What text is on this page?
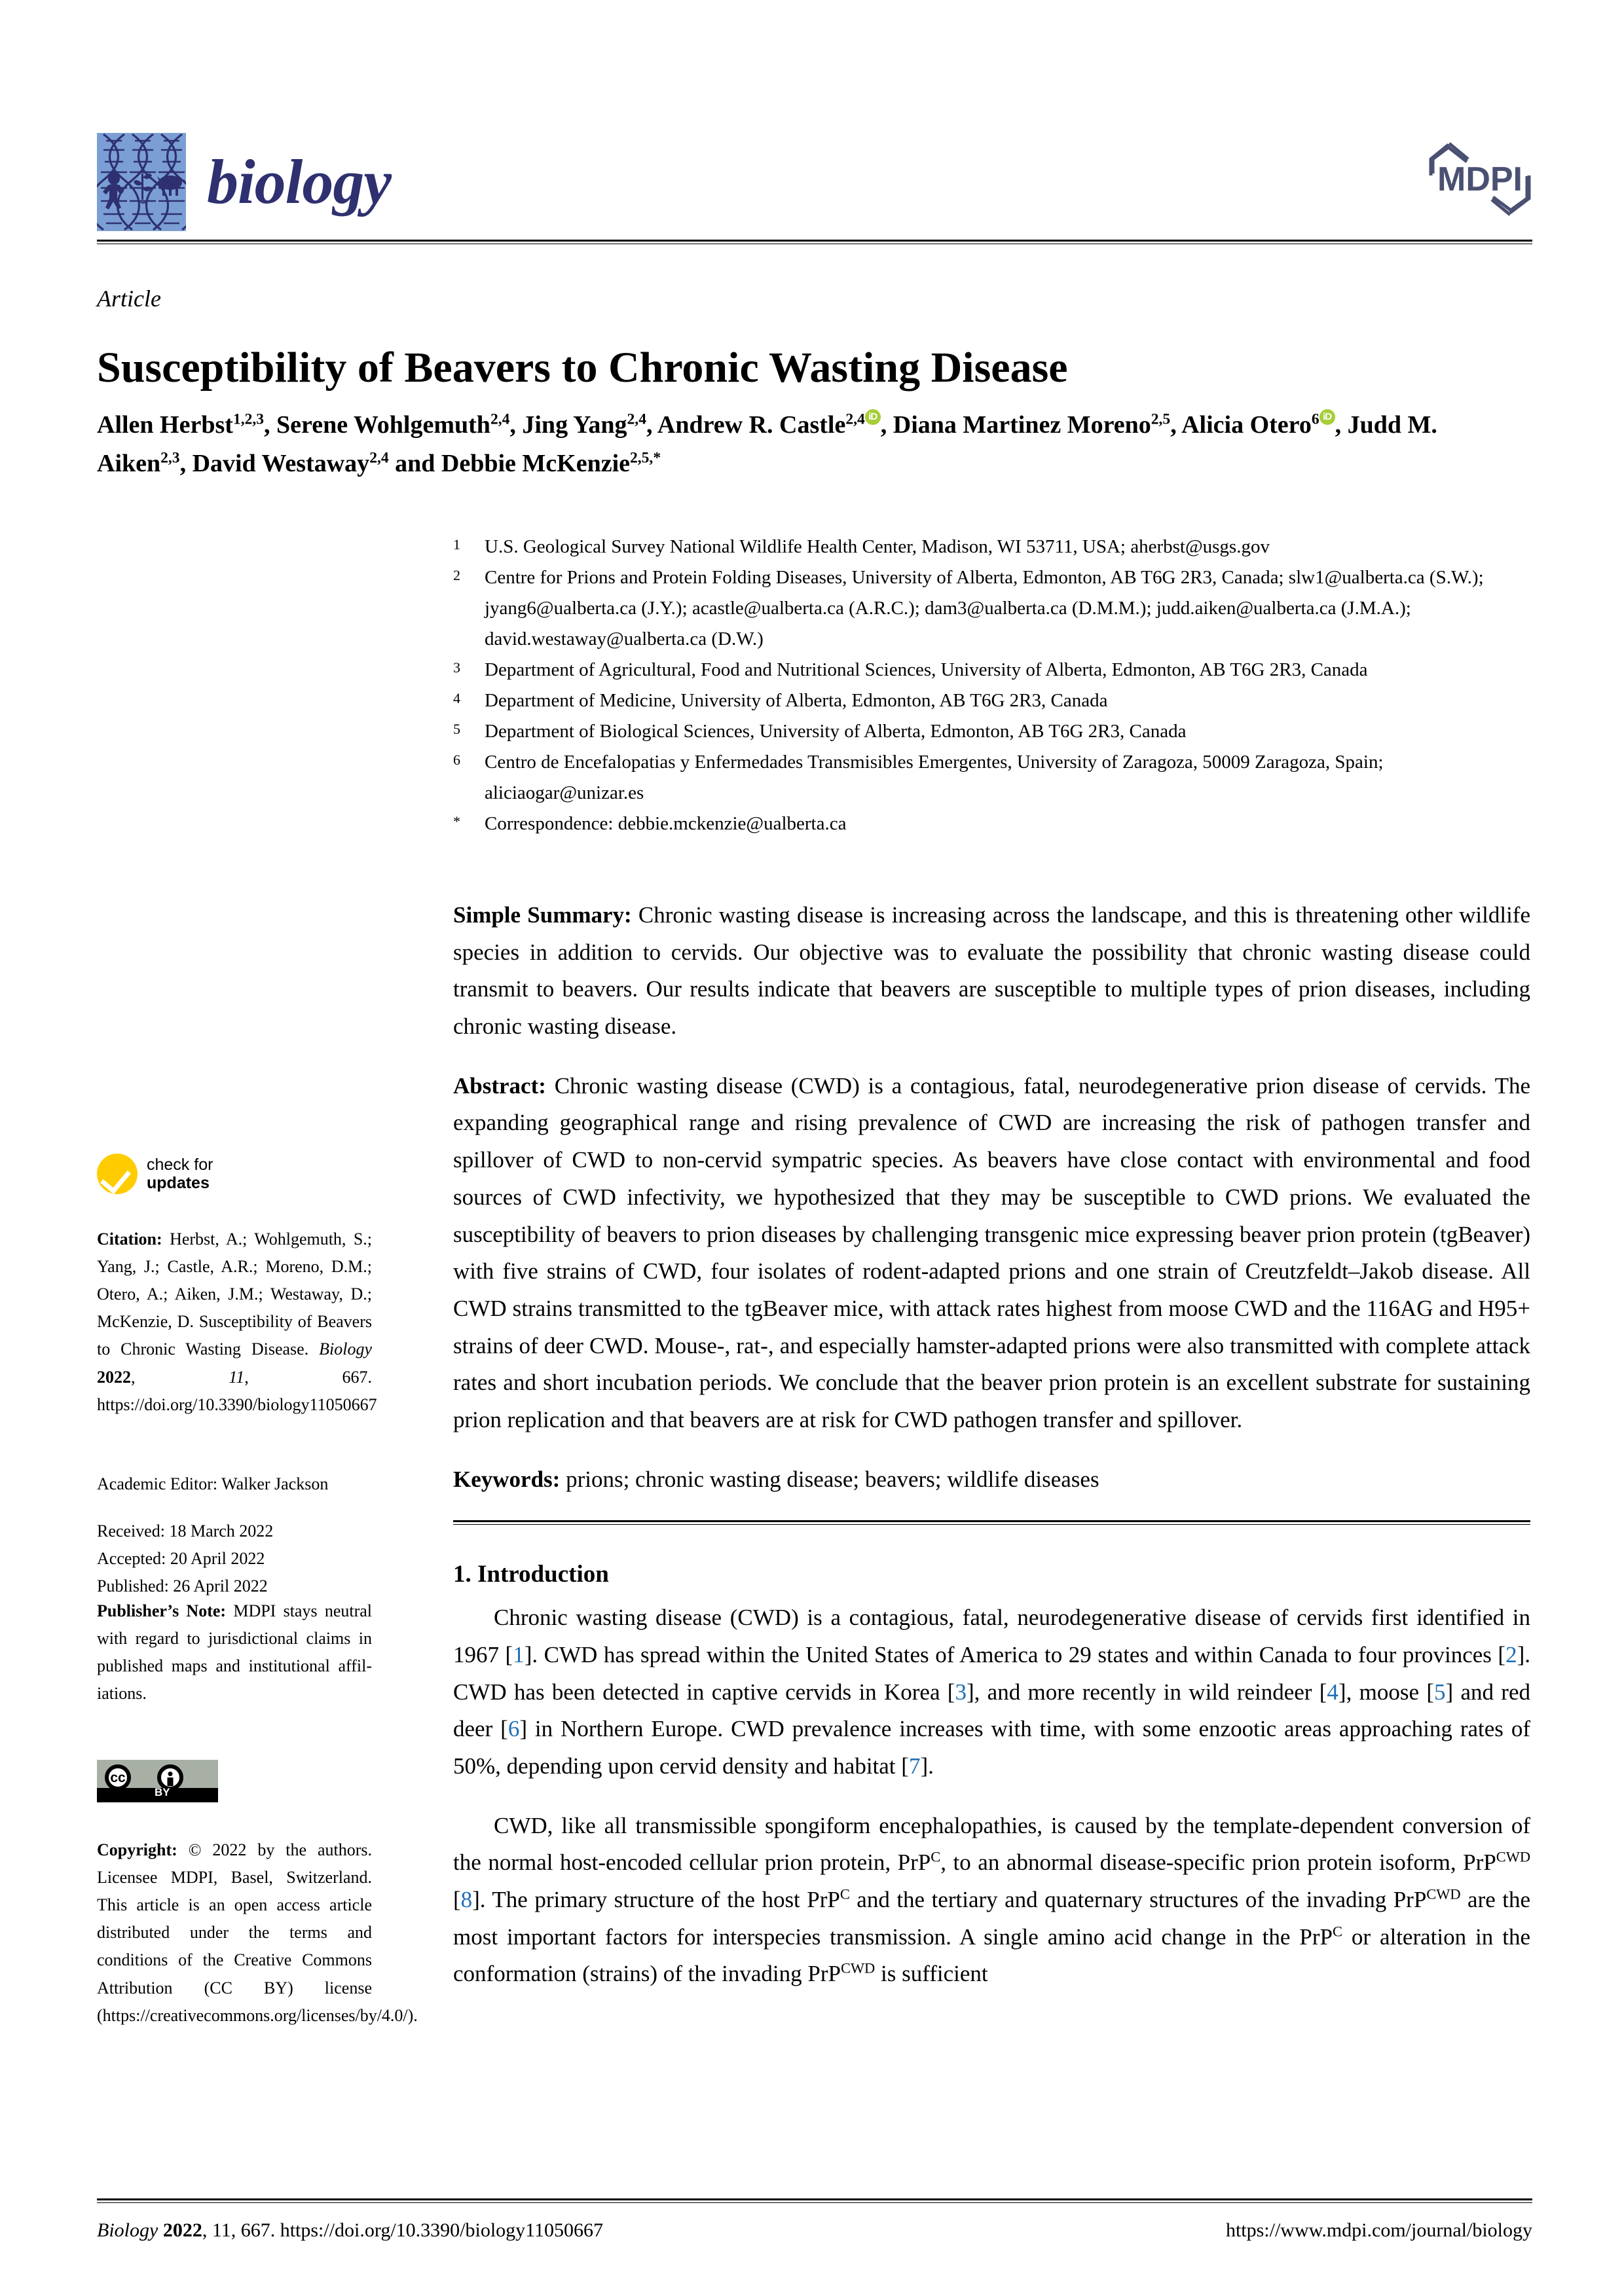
biology	MDPI
Article
Susceptibility of Beavers to Chronic Wasting Disease
Allen Herbst$^{1,2,3}$, Serene Wohlgemuth$^{2,4}$, Jing Yang$^{2,4}$, Andrew R. Castle$^{2,4}$ iD , Diana Martinez Moreno$^{2,5}$, Alicia Otero$^6$ iD , Judd M. Aiken$^{2,3}$, David Westaway$^{2,4}$ and Debbie McKenzie$^{2,5,*}$
1	U.S. Geological Survey National Wildlife Health Center, Madison, WI 53711, USA; aherbst@usgs.gov
2	Centre for Prions and Protein Folding Diseases, University of Alberta, Edmonton, AB T6G 2R3, Canada; slw1@ualberta.ca (S.W.); jyang6@ualberta.ca (J.Y.); acastle@ualberta.ca (A.R.C.); dam3@ualberta.ca (D.M.M.); judd.aiken@ualberta.ca (J.M.A.); david.westaway@ualberta.ca (D.W.)
3	Department of Agricultural, Food and Nutritional Sciences, University of Alberta, Edmonton, AB T6G 2R3, Canada
4	Department of Medicine, University of Alberta, Edmonton, AB T6G 2R3, Canada
5	Department of Biological Sciences, University of Alberta, Edmonton, AB T6G 2R3, Canada
6	Centro de Encefalopatias y Enfermedades Transmisibles Emergentes, University of Zaragoza, 50009 Zaragoza, Spain; aliciaogar@unizar.es
*	Correspondence: debbie.mckenzie@ualberta.ca

Simple Summary: Chronic wasting disease is increasing across the landscape, and this is threatening other wildlife species in addition to cervids. Our objective was to evaluate the possibility that chronic wasting disease could transmit to beavers. Our results indicate that beavers are susceptible to multiple types of prion diseases, including chronic wasting disease.

Abstract: Chronic wasting disease (CWD) is a contagious, fatal, neurodegenerative prion disease of cervids. The expanding geographical range and rising prevalence of CWD are increasing the risk of pathogen transfer and spillover of CWD to non-cervid sympatric species. As beavers have close contact with environmental and food sources of CWD infectivity, we hypothesized that they may be susceptible to CWD prions. We evaluated the susceptibility of beavers to prion diseases by challenging transgenic mice expressing beaver prion protein (tgBeaver) with five strains of CWD, four isolates of rodent-adapted prions and one strain of Creutzfeldt–Jakob disease. All CWD strains transmitted to the tgBeaver mice, with attack rates highest from moose CWD and the 116AG and H95+ strains of deer CWD. Mouse-, rat-, and especially hamster-adapted prions were also transmitted with complete attack rates and short incubation periods. We conclude that the beaver prion protein is an excellent substrate for sustaining prion replication and that beavers are at risk for CWD pathogen transfer and spillover.

Keywords: prions; chronic wasting disease; beavers; wildlife diseases

1. Introduction

Chronic wasting disease (CWD) is a contagious, fatal, neurodegenerative disease of cervids first identified in 1967 [1]. CWD has spread within the United States of America to 29 states and within Canada to four provinces [2]. CWD has been detected in captive cervids in Korea [3], and more recently in wild reindeer [4], moose [5] and red deer [6] in Northern Europe. CWD prevalence increases with time, with some enzootic areas approaching rates of 50%, depending upon cervid density and habitat [7].

CWD, like all transmissible spongiform encephalopathies, is caused by the template-dependent conversion of the normal host-encoded cellular prion protein, PrP$^C$, to an abnormal disease-specific prion protein isoform, PrP$^{CWD}$ [8]. The primary structure of the host PrP$^C$ and the tertiary and quaternary structures of the invading PrP$^{CWD}$ are the most important factors for interspecies transmission. A single amino acid change in the PrP$^C$ or alteration in the conformation (strains) of the invading PrP$^{CWD}$ is sufficient

check for
updates
Citation: Herbst, A.; Wohlgemuth, S.; Yang, J.; Castle, A.R.; Moreno, D.M.; Otero, A.; Aiken, J.M.; Westaway, D.; McKenzie, D. Susceptibility of Beavers to Chronic Wasting Disease. Biology 2022, 11, 667. https://doi.org/10.3390/biology11050667
Academic Editor: Walker Jackson
Received: 18 March 2022
Accepted: 20 April 2022
Published: 26 April 2022
Publisher’s Note: MDPI stays neutral with regard to jurisdictional claims in published maps and institutional affil-iations.
cc
BY
Copyright: © 2022 by the authors. Licensee MDPI, Basel, Switzerland. This article is an open access article distributed under the terms and conditions of the Creative Commons Attribution (CC BY) license (https://creativecommons.org/licenses/by/4.0/).
Biology 2022, 11, 667. https://doi.org/10.3390/biology11050667	https://www.mdpi.com/journal/biology
